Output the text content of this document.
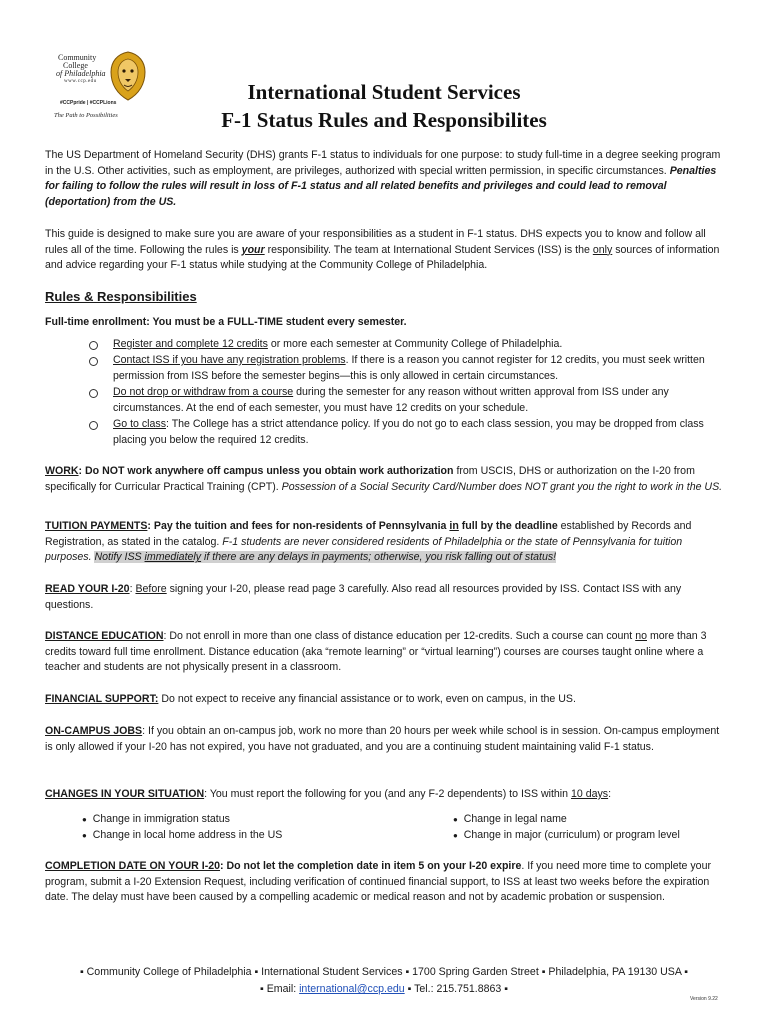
Community
College
of Philadelphia
www.ccp.edu
#CCPpride | #CCPLions
The Path to Possibilities
International Student Services
F-1 Status Rules and Responsibilites
The US Department of Homeland Security (DHS) grants F-1 status to individuals for one purpose: to study full-time in a degree seeking program in the U.S. Other activities, such as employment, are privileges, authorized with special written permission, in specific circumstances. Penalties for failing to follow the rules will result in loss of F-1 status and all related benefits and privileges and could lead to removal (deportation) from the US.
This guide is designed to make sure you are aware of your responsibilities as a student in F-1 status. DHS expects you to know and follow all rules all of the time. Following the rules is your responsibility. The team at International Student Services (ISS) is the only sources of information and advice regarding your F-1 status while studying at the Community College of Philadelphia.
Rules & Responsibilities
Full-time enrollment: You must be a FULL-TIME student every semester.
Register and complete 12 credits or more each semester at Community College of Philadelphia.
Contact ISS if you have any registration problems. If there is a reason you cannot register for 12 credits, you must seek written permission from ISS before the semester begins—this is only allowed in certain circumstances.
Do not drop or withdraw from a course during the semester for any reason without written approval from ISS under any circumstances. At the end of each semester, you must have 12 credits on your schedule.
Go to class: The College has a strict attendance policy. If you do not go to each class session, you may be dropped from class placing you below the required 12 credits.
WORK: Do NOT work anywhere off campus unless you obtain work authorization from USCIS, DHS or authorization on the I-20 from specifically for Curricular Practical Training (CPT). Possession of a Social Security Card/Number does NOT grant you the right to work in the US.
TUITION PAYMENTS: Pay the tuition and fees for non-residents of Pennsylvania in full by the deadline established by Records and Registration, as stated in the catalog. F-1 students are never considered residents of Philadelphia or the state of Pennsylvania for tuition purposes. Notify ISS immediately if there are any delays in payments; otherwise, you risk falling out of status!
READ YOUR I-20: Before signing your I-20, please read page 3 carefully. Also read all resources provided by ISS. Contact ISS with any questions.
DISTANCE EDUCATION: Do not enroll in more than one class of distance education per 12-credits. Such a course can count no more than 3 credits toward full time enrollment. Distance education (aka “remote learning” or “virtual learning”) courses are courses taught online where a teacher and students are not physically present in a classroom.
FINANCIAL SUPPORT: Do not expect to receive any financial assistance or to work, even on campus, in the US.
ON-CAMPUS JOBS: If you obtain an on-campus job, work no more than 20 hours per week while school is in session. On-campus employment is only allowed if your I-20 has not expired, you have not graduated, and you are a continuing student maintaining valid F-1 status.
CHANGES IN YOUR SITUATION: You must report the following for you (and any F-2 dependents) to ISS within 10 days:
● Change in immigration status
● Change in local home address in the US
● Change in legal name
● Change in major (curriculum) or program level
COMPLETION DATE ON YOUR I-20: Do not let the completion date in item 5 on your I-20 expire. If you need more time to complete your program, submit a I-20 Extension Request, including verification of continued financial support, to ISS at least two weeks before the expiration date. The delay must have been caused by a compelling academic or medical reason and not by academic probation or suspension.
▪ Community College of Philadelphia ▪ International Student Services ▪ 1700 Spring Garden Street ▪ Philadelphia, PA 19130 USA ▪
▪ Email: international@ccp.edu ▪ Tel.: 215.751.8863 ▪
Version 9.22
